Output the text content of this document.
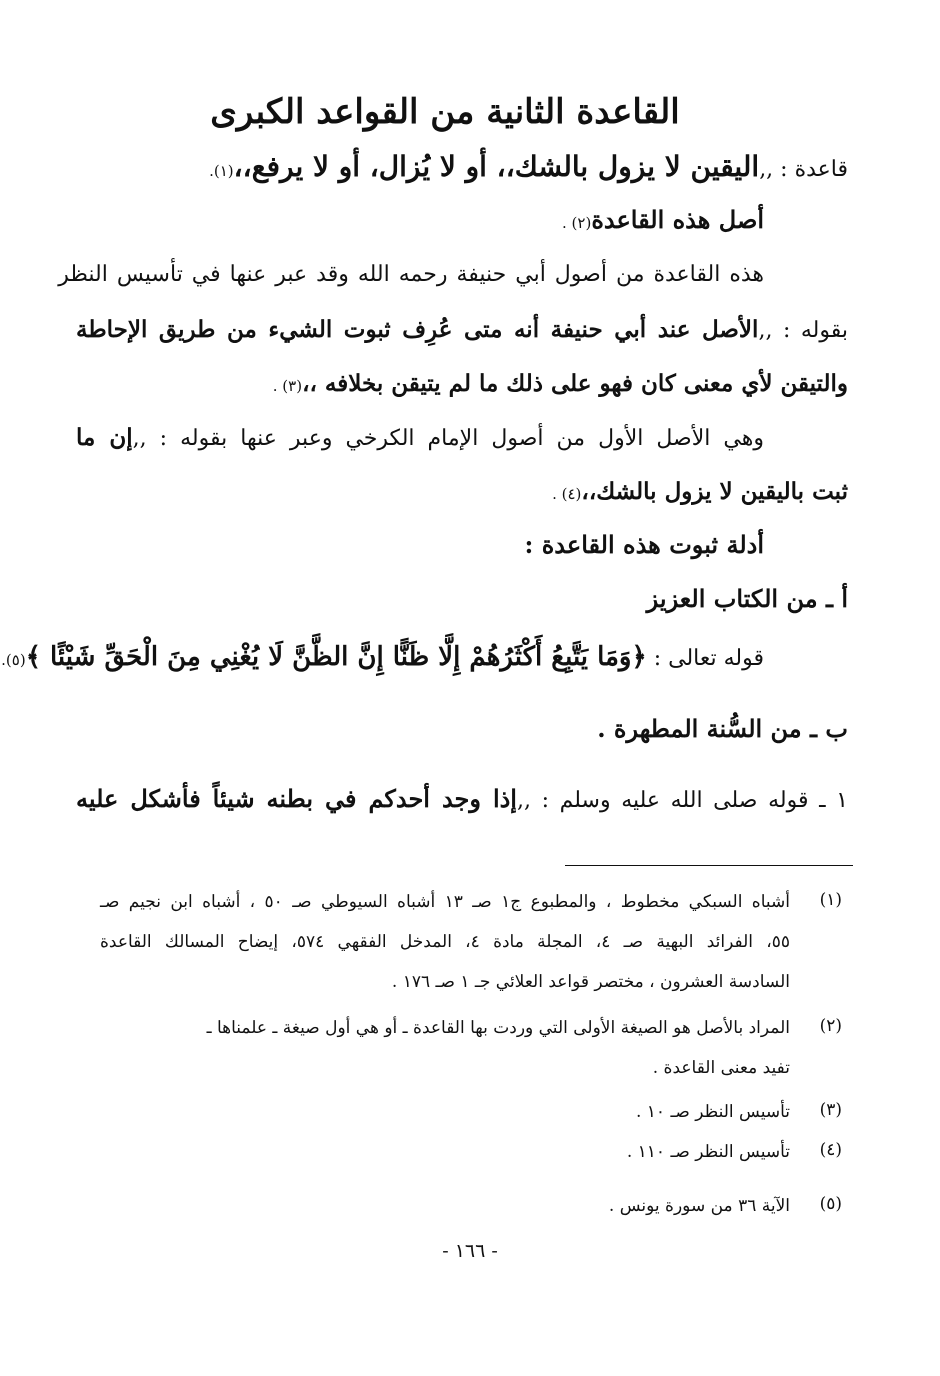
القاعدة الثانية من القواعد الكبرى
قاعدة : ,,اليقين لا يزول بالشك،، أو لا يُزال، أو لا يرفع،،(١).
أصل هذه القاعدة(٢) .
هذه القاعدة من أصول أبي حنيفة رحمه الله وقد عبر عنها في تأسيس النظر
بقوله : ,,الأصل عند أبي حنيفة أنه متى عُرِف ثبوت الشيء من طريق الإحاطة
والتيقن لأي معنى كان فهو على ذلك ما لم يتيقن بخلافه ،،(٣) .
وهي الأصل الأول من أصول الإمام الكرخي وعبر عنها بقوله : ,,إن ما
ثبت باليقين لا يزول بالشك،،(٤) .
أدلة ثبوت هذه القاعدة :
أ ـ من الكتاب العزيز
قوله تعالى : ﴿وَمَا يَتَّبِعُ أَكْثَرُهُمْ إِلَّا ظَنًّا إِنَّ الظَّنَّ لَا يُغْنِي مِنَ الْحَقِّ شَيْئًا ﴾(٥).
ب ـ من السُّنة المطهرة .
١ ـ قوله صلى الله عليه وسلم : ,,إذا وجد أحدكم في بطنه شيئاً فأشكل عليه
(١)
أشباه السبكي مخطوط ، والمطبوع ج١ صـ ١٣ أشباه السيوطي صـ ٥٠ ، أشباه ابن نجيم صـ
٥٥، الفرائد البهية صـ ٤، المجلة مادة ٤، المدخل الفقهي ٥٧٤، إيضاح المسالك القاعدة
السادسة العشرون ، مختصر قواعد العلائي جـ ١ صـ ١٧٦ .
(٢)
المراد بالأصل هو الصيغة الأولى التي وردت بها القاعدة ـ أو هي أول صيغة ـ علمناها ـ
تفيد معنى القاعدة .
(٣)
تأسيس النظر صـ ١٠ .
(٤)
تأسيس النظر صـ ١١٠ .
(٥)
الآية ٣٦ من سورة يونس .
- ١٦٦ -
